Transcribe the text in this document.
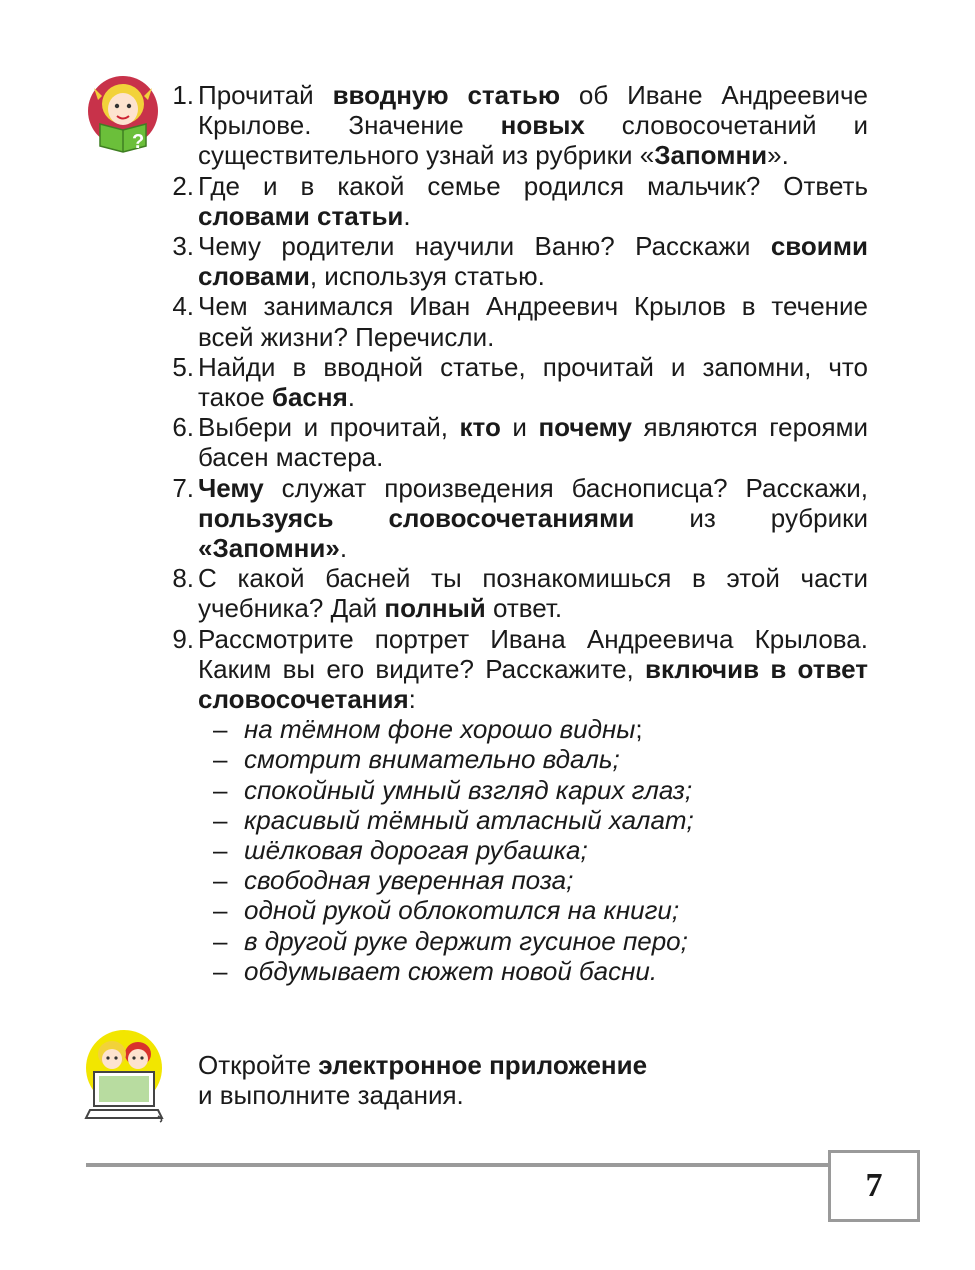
?
1. Прочитай вводную статью об Иване Андреевиче Крылове. Значение новых словосочетаний и существительного узнай из рубрики «Запомни».
2. Где и в какой семье родился мальчик? Ответь словами статьи.
3. Чему родители научили Ваню? Расскажи своими словами, используя статью.
4. Чем занимался Иван Андреевич Крылов в течение всей жизни? Перечисли.
5. Найди в вводной статье, прочитай и запомни, что такое басня.
6. Выбери и прочитай, кто и почему являются героями басен мастера.
7. Чему служат произведения баснописца? Расскажи, пользуясь словосочетаниями из рубрики «Запомни».
8. С какой басней ты познакомишься в этой части учебника? Дай полный ответ.
9. Рассмотрите портрет Ивана Андреевича Крылова. Каким вы его видите? Расскажите, включив в ответ словосочетания:
– на тёмном фоне хорошо видны;
– смотрит внимательно вдаль;
– спокойный умный взгляд карих глаз;
– красивый тёмный атласный халат;
– шёлковая дорогая рубашка;
– свободная уверенная поза;
– одной рукой облокотился на книги;
– в другой руке держит гусиное перо;
– обдумывает сюжет новой басни.
Откройте электронное приложение
и выполните задания.
7
